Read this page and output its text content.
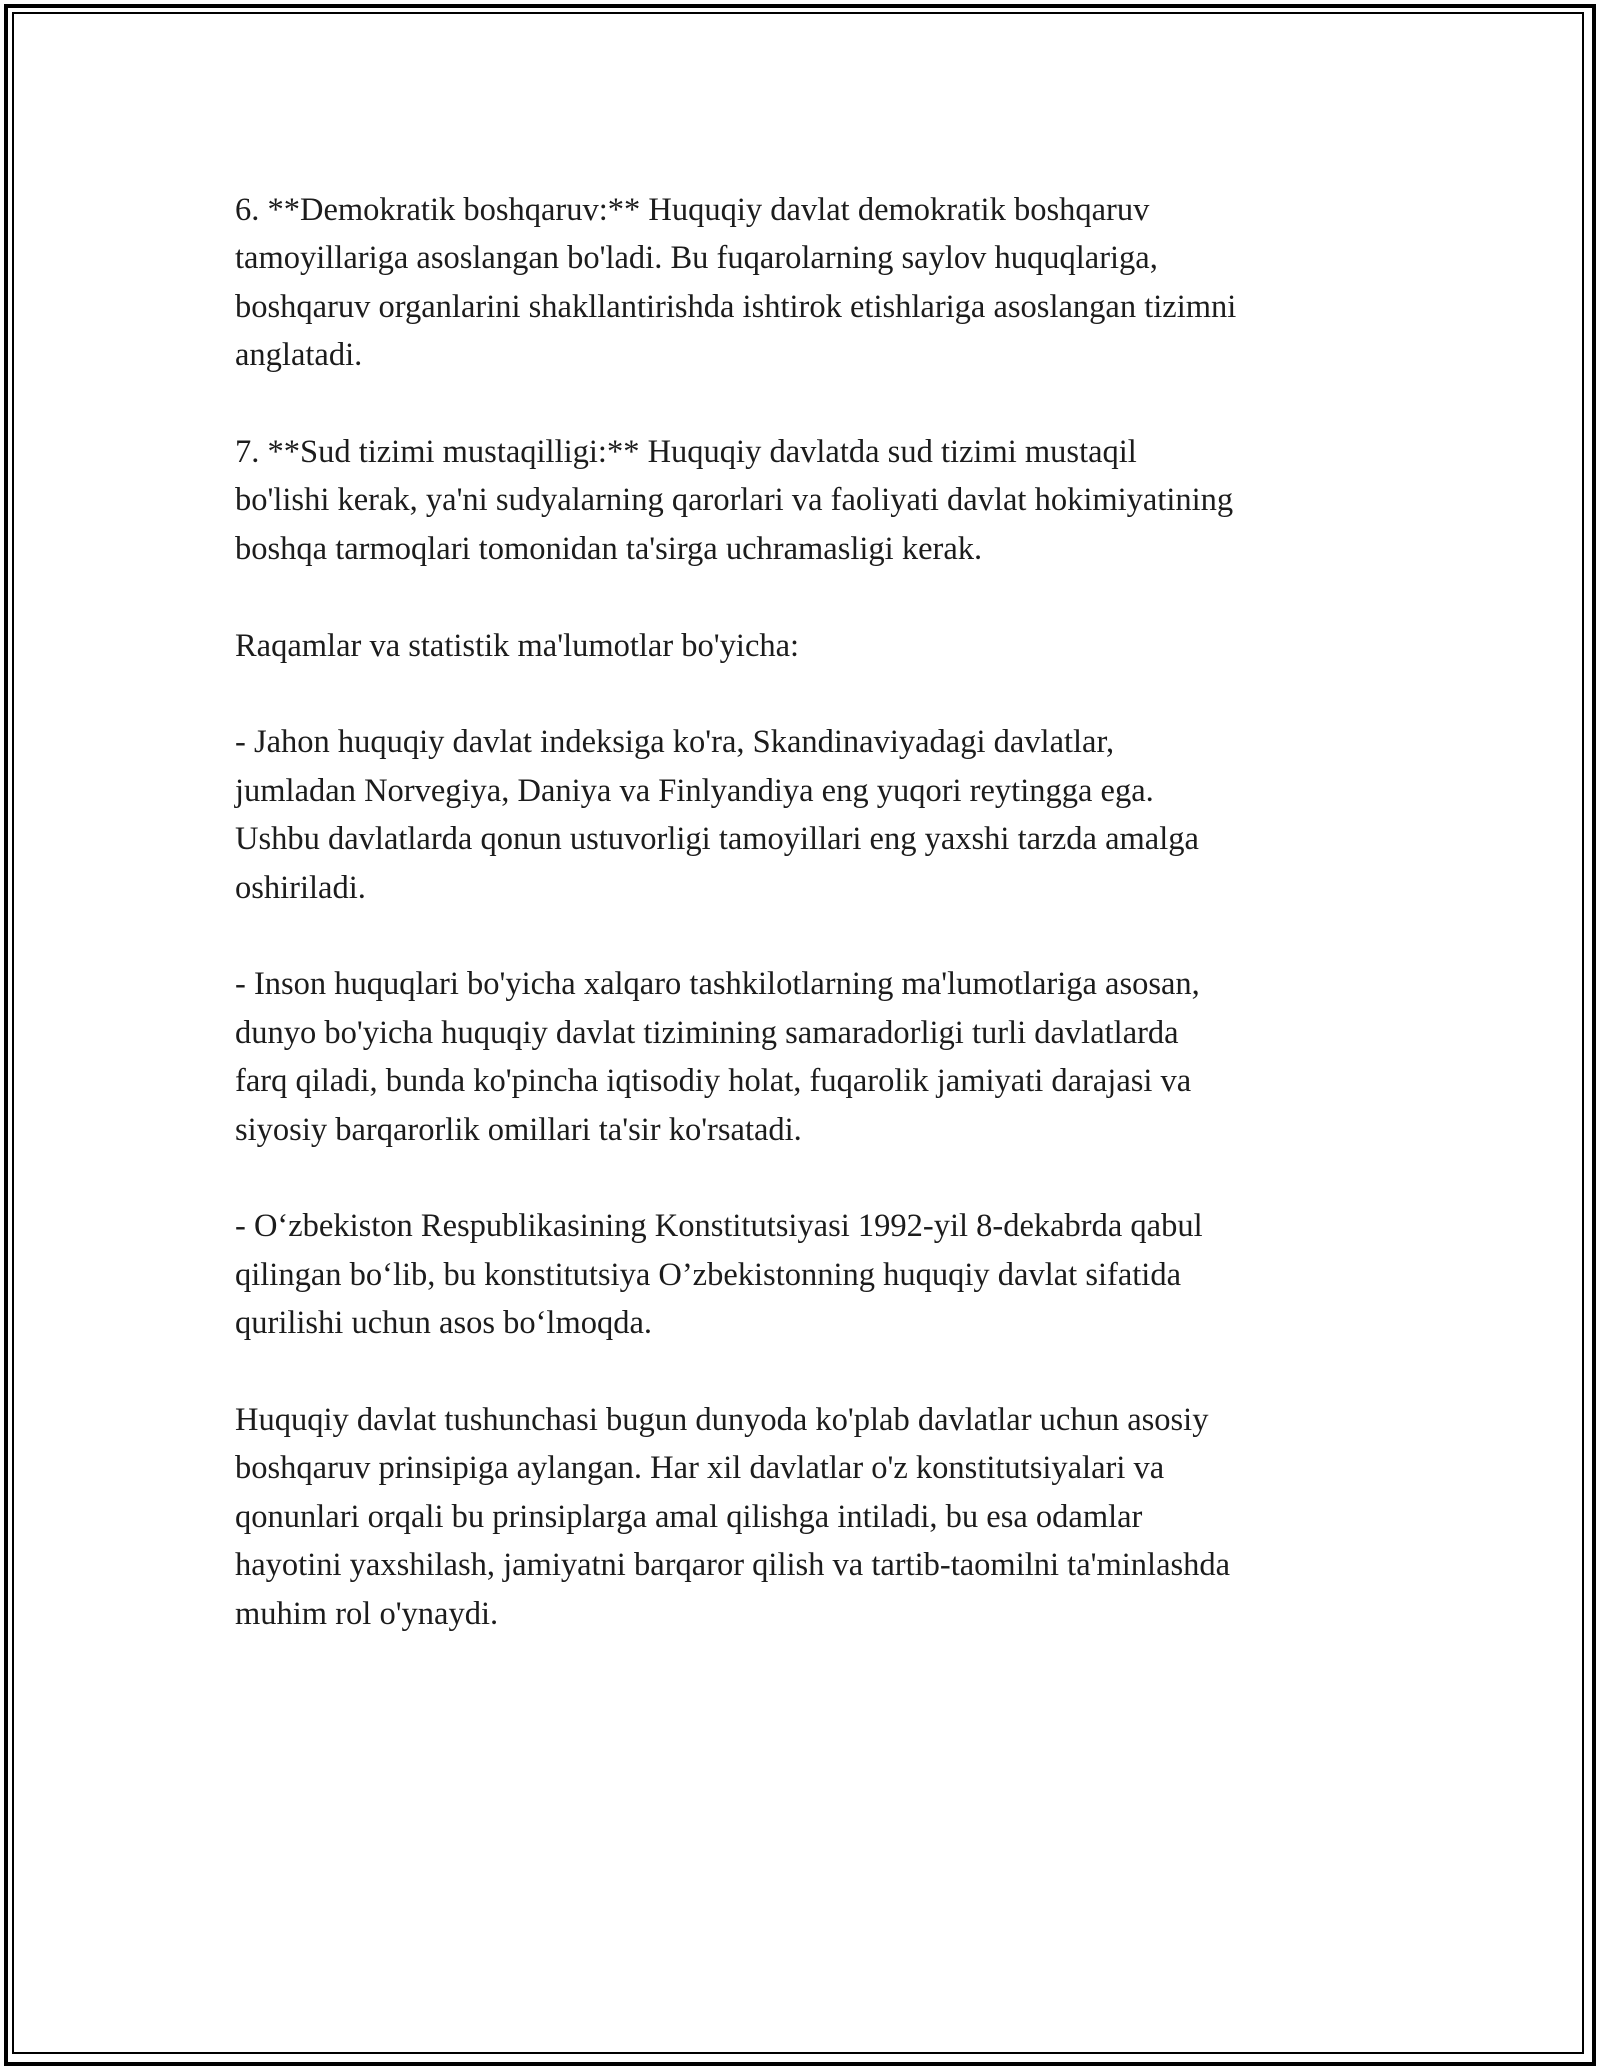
6. **Demokratik boshqaruv:** Huquqiy davlat demokratik boshqaruv
tamoyillariga asoslangan bo'ladi. Bu fuqarolarning saylov huquqlariga,
boshqaruv organlarini shakllantirishda ishtirok etishlariga asoslangan tizimni
anglatadi.

7. **Sud tizimi mustaqilligi:** Huquqiy davlatda sud tizimi mustaqil
bo'lishi kerak, ya'ni sudyalarning qarorlari va faoliyati davlat hokimiyatining
boshqa tarmoqlari tomonidan ta'sirga uchramasligi kerak.

Raqamlar va statistik ma'lumotlar bo'yicha:

- Jahon huquqiy davlat indeksiga ko'ra, Skandinaviyadagi davlatlar,
jumladan Norvegiya, Daniya va Finlyandiya eng yuqori reytingga ega.
Ushbu davlatlarda qonun ustuvorligi tamoyillari eng yaxshi tarzda amalga
oshiriladi.

- Inson huquqlari bo'yicha xalqaro tashkilotlarning ma'lumotlariga asosan,
dunyo bo'yicha huquqiy davlat tizimining samaradorligi turli davlatlarda
farq qiladi, bunda ko'pincha iqtisodiy holat, fuqarolik jamiyati darajasi va
siyosiy barqarorlik omillari ta'sir ko'rsatadi.

- O‘zbekiston Respublikasining Konstitutsiyasi 1992-yil 8-dekabrda qabul
qilingan bo‘lib, bu konstitutsiya O’zbekistonning huquqiy davlat sifatida
qurilishi uchun asos bo‘lmoqda.

Huquqiy davlat tushunchasi bugun dunyoda ko'plab davlatlar uchun asosiy
boshqaruv prinsipiga aylangan. Har xil davlatlar o'z konstitutsiyalari va
qonunlari orqali bu prinsiplarga amal qilishga intiladi, bu esa odamlar
hayotini yaxshilash, jamiyatni barqaror qilish va tartib-taomilni ta'minlashda
muhim rol o'ynaydi.
